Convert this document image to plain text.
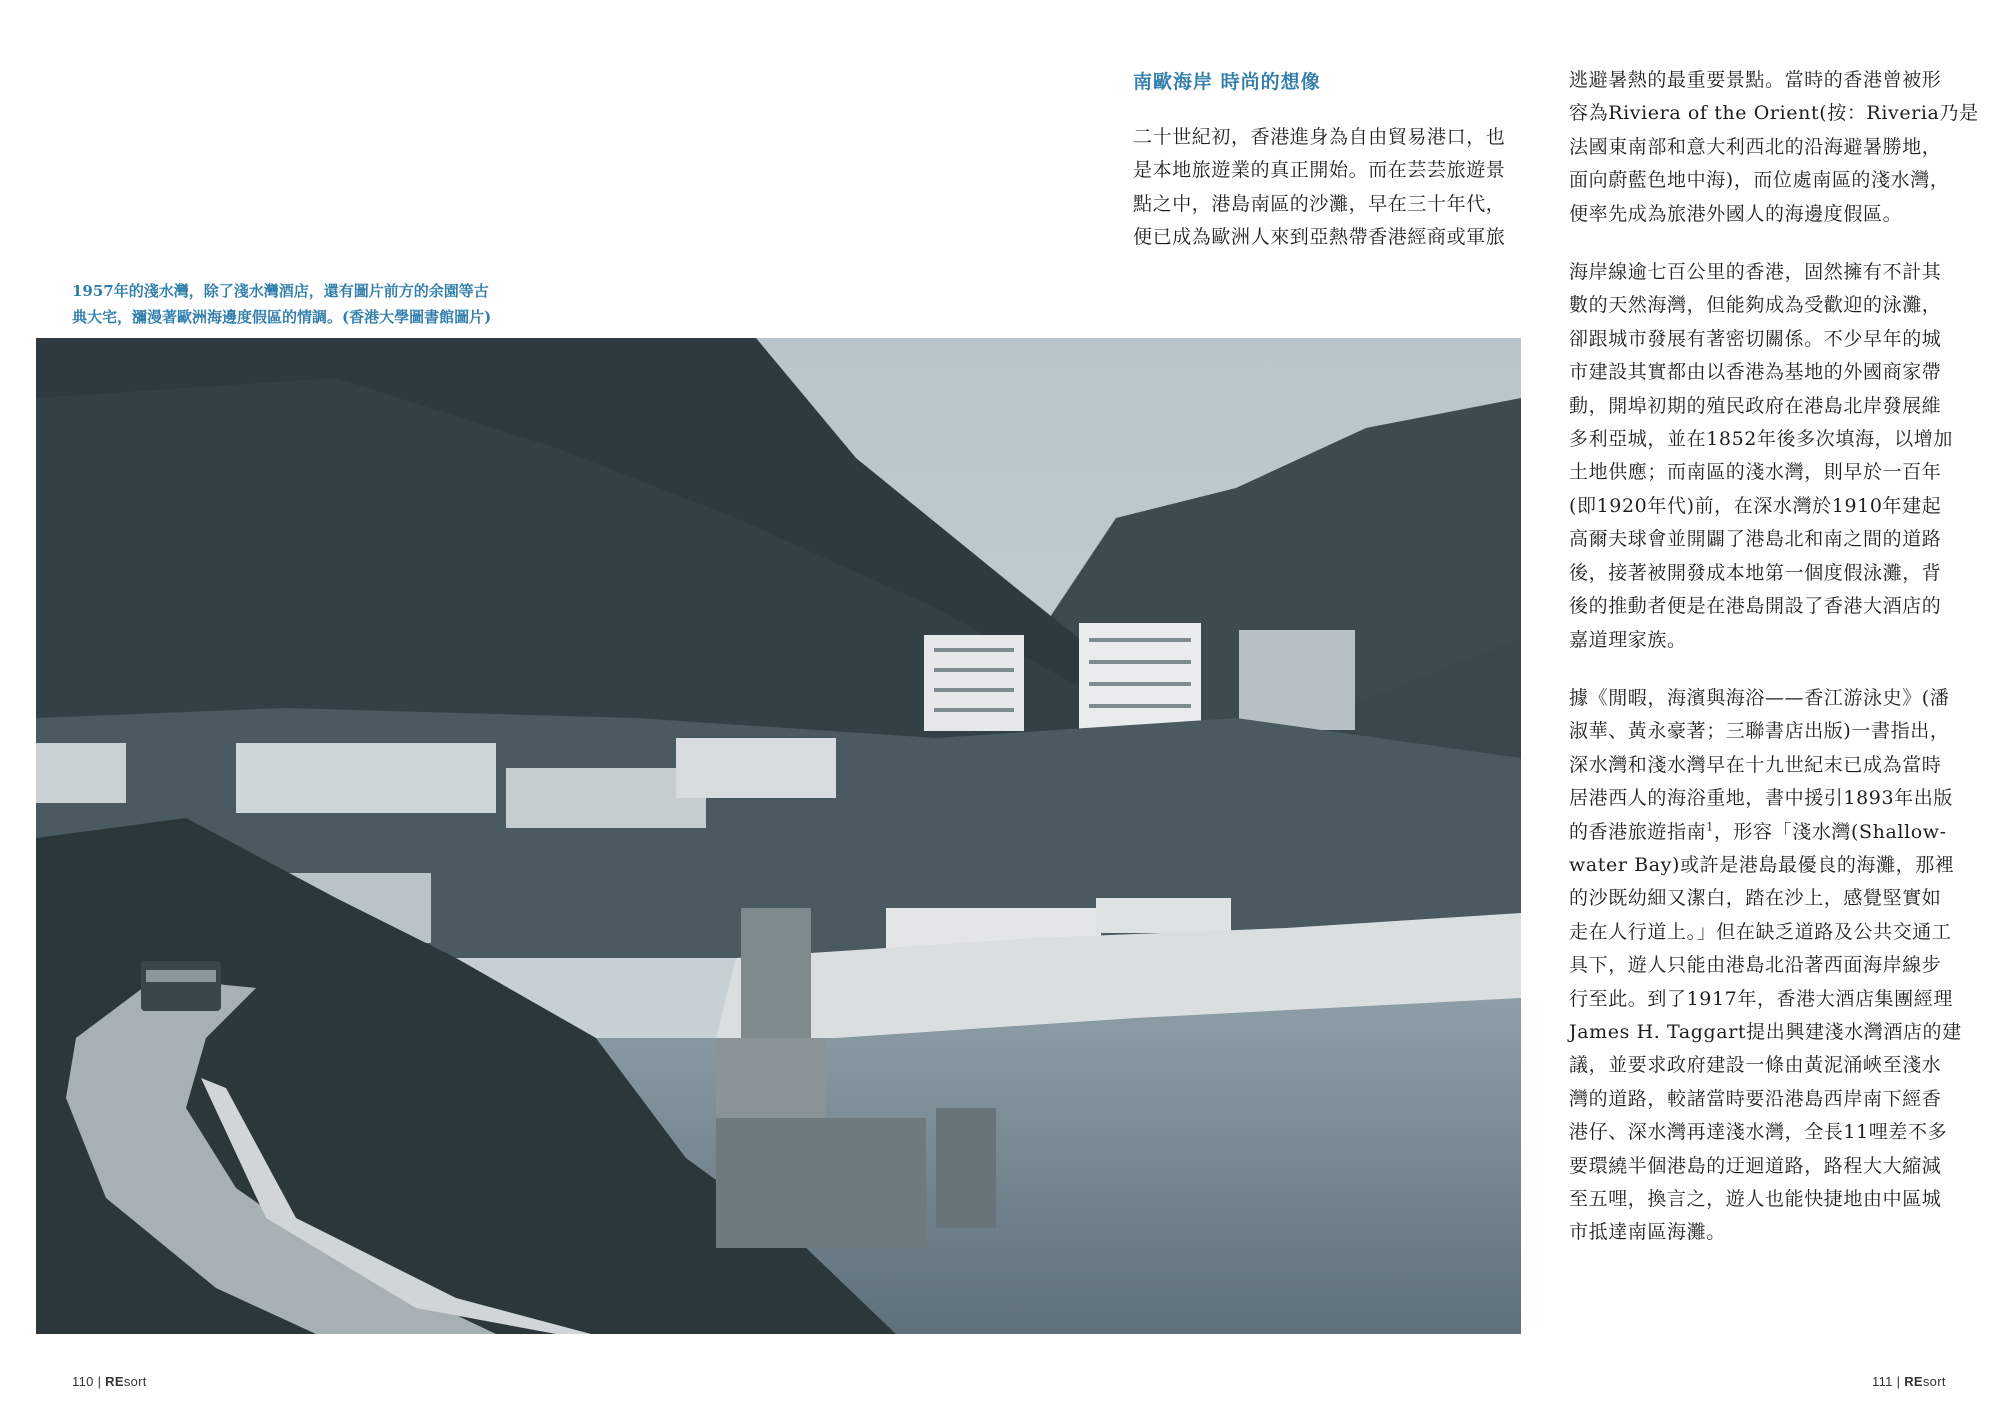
1957年的淺水灣，除了淺水灣酒店，還有圖片前方的余園等古

典大宅，瀰漫著歐洲海邊度假區的情調。(香港大學圖書館圖片)

南歐海岸 時尚的想像

二十世紀初，香港進身為自由貿易港口，也
是本地旅遊業的真正開始。而在芸芸旅遊景
點之中，港島南區的沙灘，早在三十年代，
便已成為歐洲人來到亞熱帶香港經商或軍旅

逃避暑熱的最重要景點。當時的香港曾被形
容為Riviera of the Orient(按：Riveria乃是
法國東南部和意大利西北的沿海避暑勝地，
面向蔚藍色地中海)，而位處南區的淺水灣，
便率先成為旅港外國人的海邊度假區。

海岸線逾七百公里的香港，固然擁有不計其
數的天然海灣，但能夠成為受歡迎的泳灘，
卻跟城市發展有著密切關係。不少早年的城
市建設其實都由以香港為基地的外國商家帶
動，開埠初期的殖民政府在港島北岸發展維
多利亞城，並在1852年後多次填海，以增加
土地供應；而南區的淺水灣，則早於一百年
(即1920年代)前，在深水灣於1910年建起
高爾夫球會並開闢了港島北和南之間的道路
後，接著被開發成本地第一個度假泳灘，背
後的推動者便是在港島開設了香港大酒店的
嘉道理家族。

據《閒暇，海濱與海浴——香江游泳史》(潘
淑華、黃永豪著；三聯書店出版)一書指出，
深水灣和淺水灣早在十九世紀末已成為當時
居港西人的海浴重地，書中援引1893年出版
的香港旅遊指南$^1$，形容「淺水灣(Shallow-
water Bay)或許是港島最優良的海灘，那裡
的沙既幼細又潔白，踏在沙上，感覺堅實如
走在人行道上。」但在缺乏道路及公共交通工
具下，遊人只能由港島北沿著西面海岸線步
行至此。到了1917年，香港大酒店集團經理
James H. Taggart提出興建淺水灣酒店的建
議，並要求政府建設一條由黃泥涌峽至淺水
灣的道路，較諸當時要沿港島西岸南下經香
港仔、深水灣再達淺水灣，全長11哩差不多
要環繞半個港島的迂迴道路，路程大大縮減
至五哩，換言之，遊人也能快捷地由中區城
市抵達南區海灘。

110 | REsort	111 | REsort
